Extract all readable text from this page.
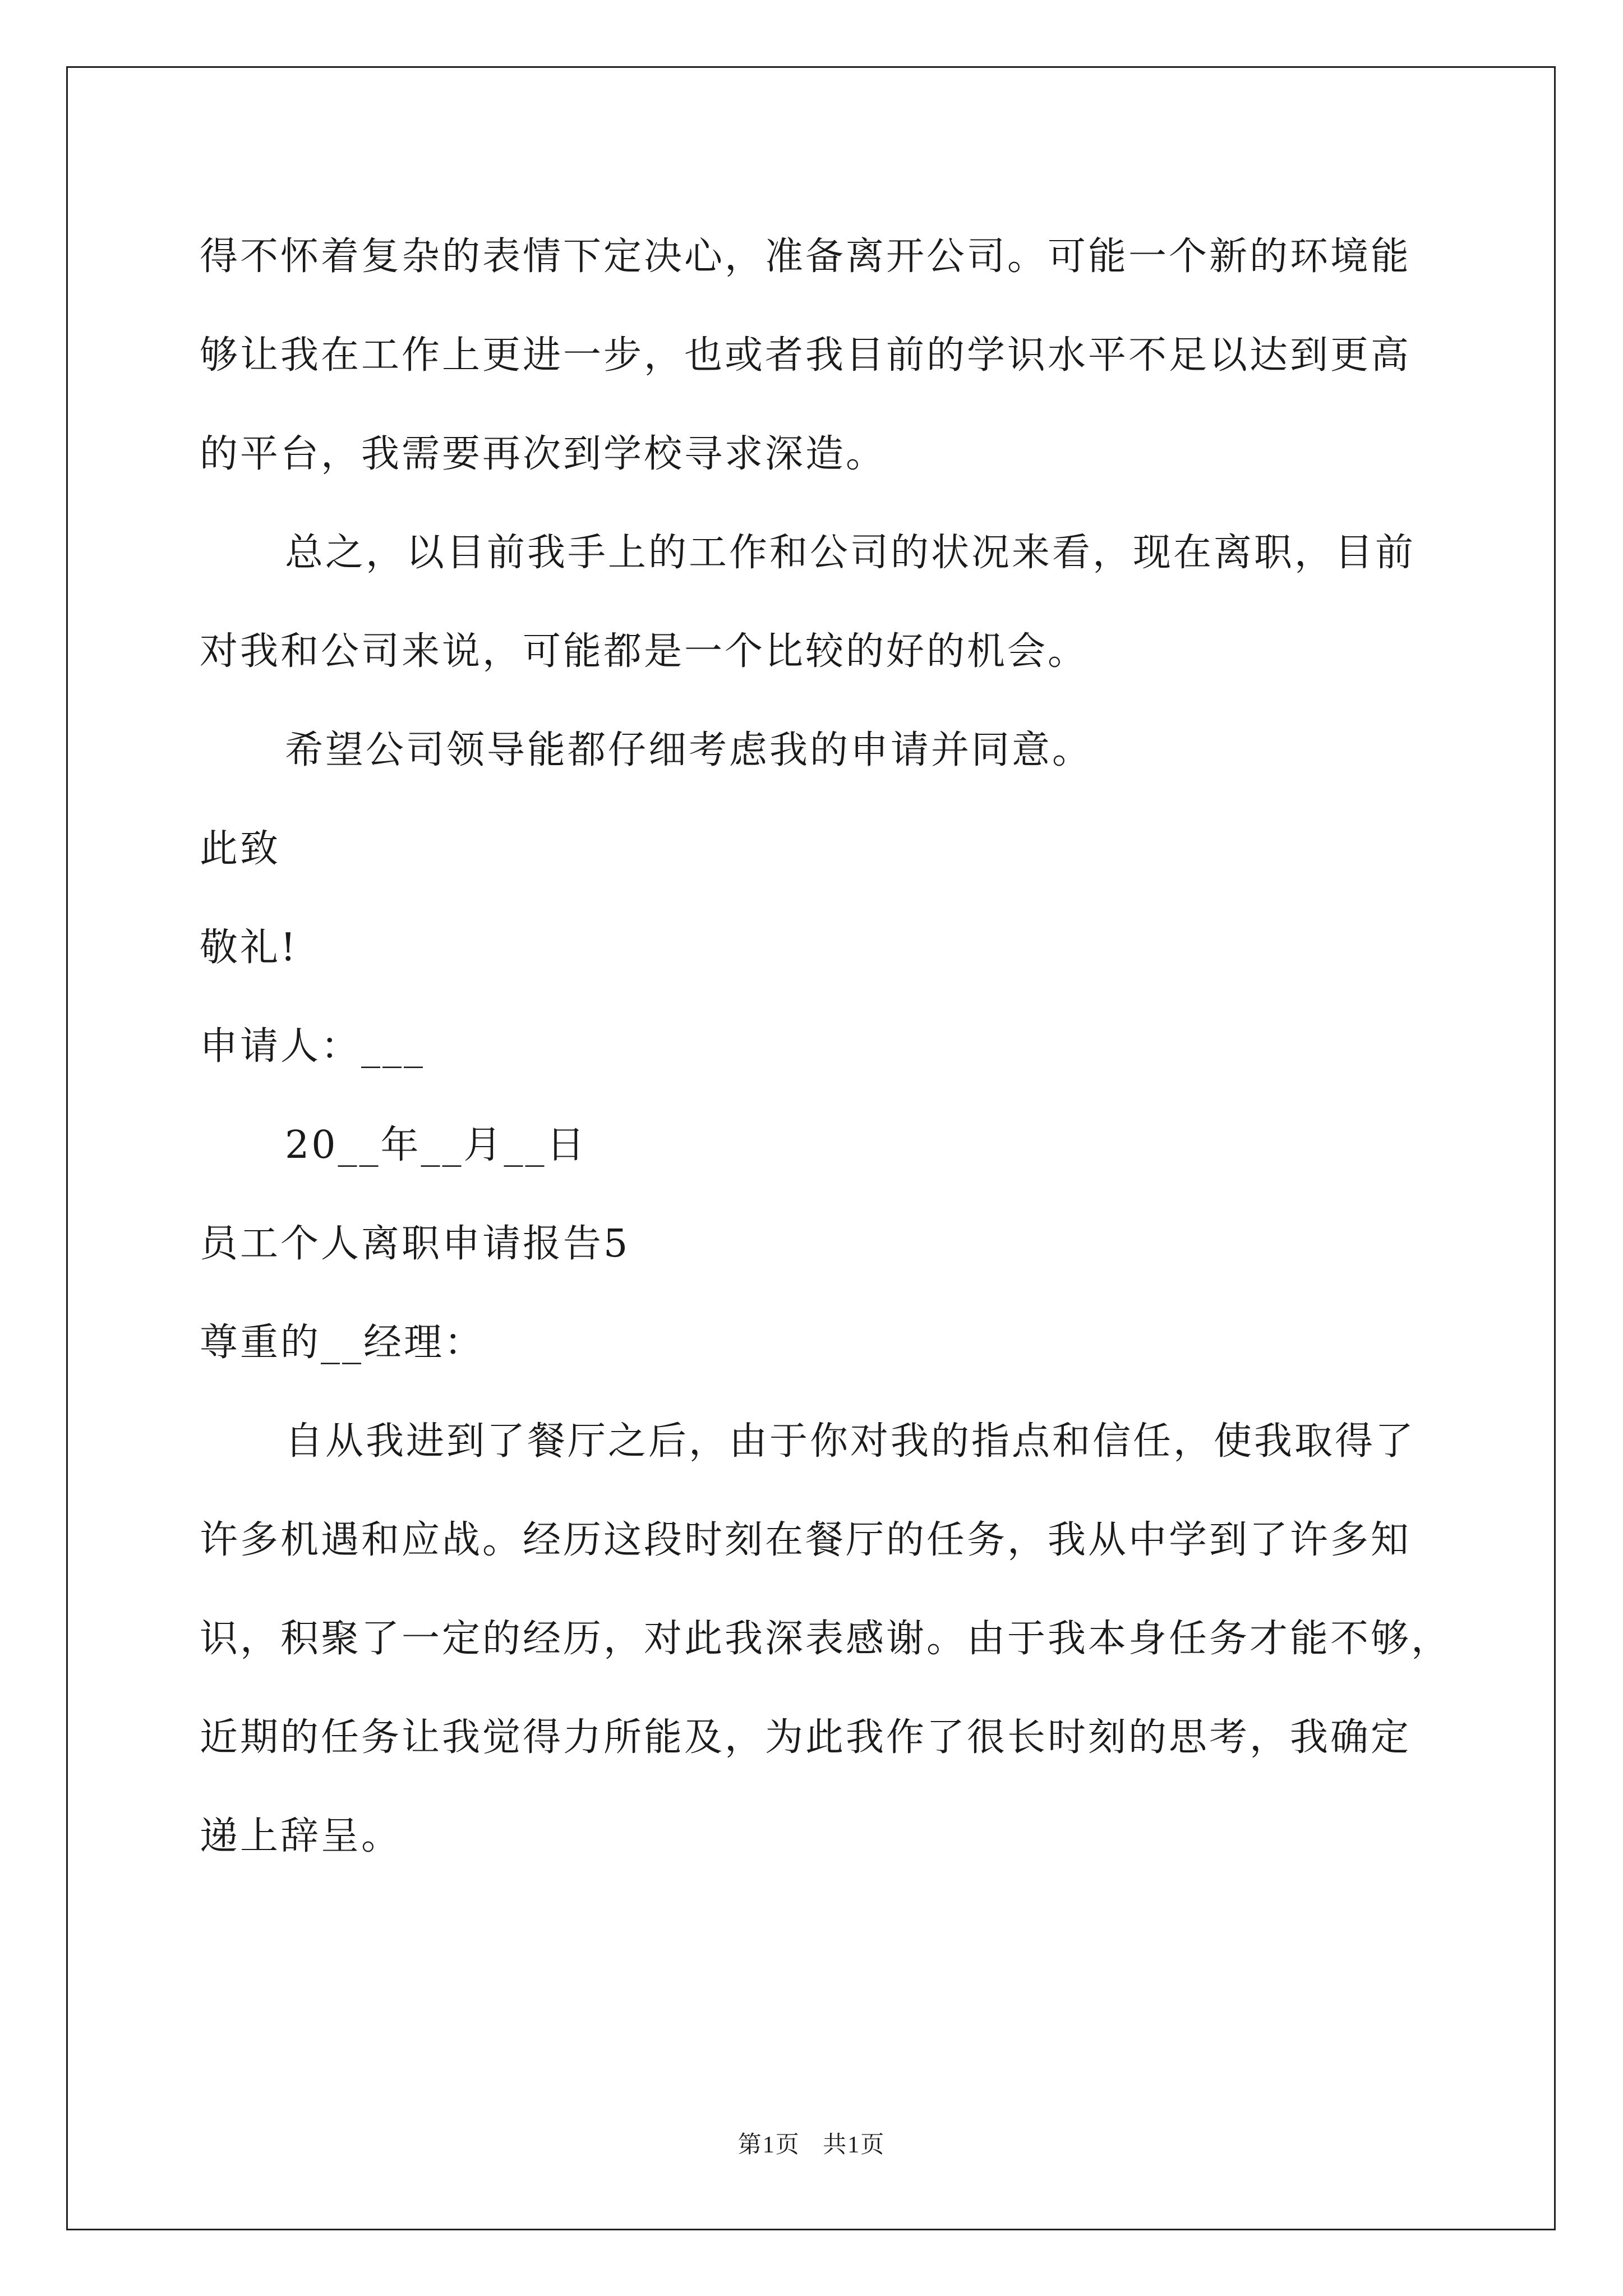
得不怀着复杂的表情下定决心，准备离开公司。可能一个新的环境能
够让我在工作上更进一步，也或者我目前的学识水平不足以达到更高
的平台，我需要再次到学校寻求深造。
总之，以目前我手上的工作和公司的状况来看，现在离职，目前
对我和公司来说，可能都是一个比较的好的机会。
希望公司领导能都仔细考虑我的申请并同意。
此致
敬礼!
申请人：___
20__年__月__日
员工个人离职申请报告5
尊重的__经理：
自从我进到了餐厅之后，由于你对我的指点和信任，使我取得了
许多机遇和应战。经历这段时刻在餐厅的任务，我从中学到了许多知
识，积聚了一定的经历，对此我深表感谢。由于我本身任务才能不够，
近期的任务让我觉得力所能及，为此我作了很长时刻的思考，我确定
递上辞呈。
第1页 共1页
